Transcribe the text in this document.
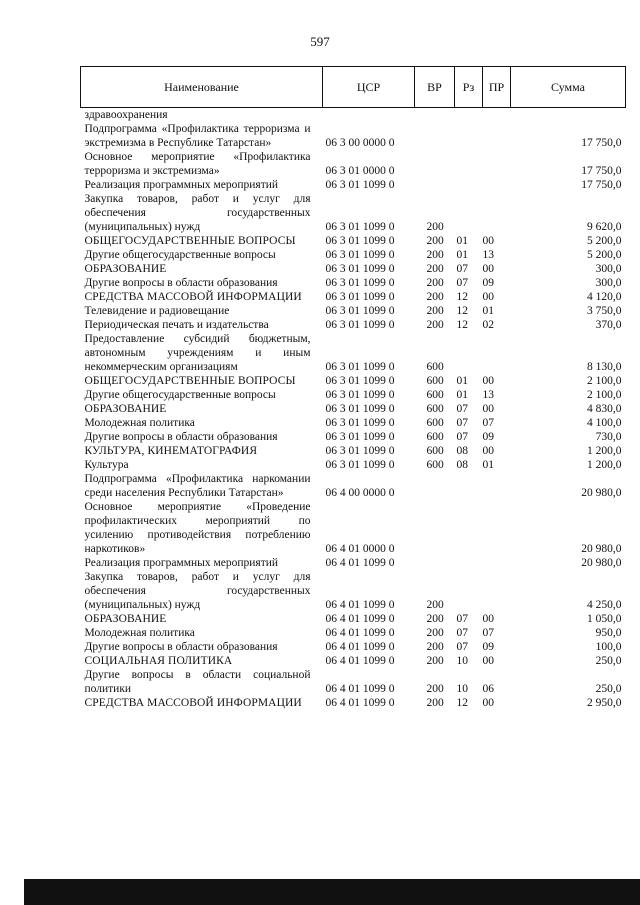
597
Наименование	ЦСР	ВР	Рз	ПР	Сумма
здравоохранения					
Подпрограмма «Профилактика терроризма и экстремизма в Республике Татарстан»	06 3 00 0000 0				17 750,0
Основное мероприятие «Профилактика терроризма и экстремизма»	06 3 01 0000 0				17 750,0
Реализация программных мероприятий	06 3 01 1099 0				17 750,0
Закупка товаров, работ и услуг для обеспечения государственных (муниципальных) нужд	06 3 01 1099 0	200			9 620,0
ОБЩЕГОСУДАРСТВЕННЫЕ ВОПРОСЫ	06 3 01 1099 0	200	01	00	5 200,0
Другие общегосударственные вопросы	06 3 01 1099 0	200	01	13	5 200,0
ОБРАЗОВАНИЕ	06 3 01 1099 0	200	07	00	300,0
Другие вопросы в области образования	06 3 01 1099 0	200	07	09	300,0
СРЕДСТВА МАССОВОЙ ИНФОРМАЦИИ	06 3 01 1099 0	200	12	00	4 120,0
Телевидение и радиовещание	06 3 01 1099 0	200	12	01	3 750,0
Периодическая печать и издательства	06 3 01 1099 0	200	12	02	370,0
Предоставление субсидий бюджетным, автономным учреждениям и иным некоммерческим организациям	06 3 01 1099 0	600			8 130,0
ОБЩЕГОСУДАРСТВЕННЫЕ ВОПРОСЫ	06 3 01 1099 0	600	01	00	2 100,0
Другие общегосударственные вопросы	06 3 01 1099 0	600	01	13	2 100,0
ОБРАЗОВАНИЕ	06 3 01 1099 0	600	07	00	4 830,0
Молодежная политика	06 3 01 1099 0	600	07	07	4 100,0
Другие вопросы в области образования	06 3 01 1099 0	600	07	09	730,0
КУЛЬТУРА, КИНЕМАТОГРАФИЯ	06 3 01 1099 0	600	08	00	1 200,0
Культура	06 3 01 1099 0	600	08	01	1 200,0
Подпрограмма «Профилактика наркомании среди населения Республики Татарстан»	06 4 00 0000 0				20 980,0
Основное мероприятие «Проведение профилактических мероприятий по усилению противодействия потреблению наркотиков»	06 4 01 0000 0				20 980,0
Реализация программных мероприятий	06 4 01 1099 0				20 980,0
Закупка товаров, работ и услуг для обеспечения государственных (муниципальных) нужд	06 4 01 1099 0	200			4 250,0
ОБРАЗОВАНИЕ	06 4 01 1099 0	200	07	00	1 050,0
Молодежная политика	06 4 01 1099 0	200	07	07	950,0
Другие вопросы в области образования	06 4 01 1099 0	200	07	09	100,0
СОЦИАЛЬНАЯ ПОЛИТИКА	06 4 01 1099 0	200	10	00	250,0
Другие вопросы в области социальной политики	06 4 01 1099 0	200	10	06	250,0
СРЕДСТВА МАССОВОЙ ИНФОРМАЦИИ	06 4 01 1099 0	200	12	00	2 950,0
